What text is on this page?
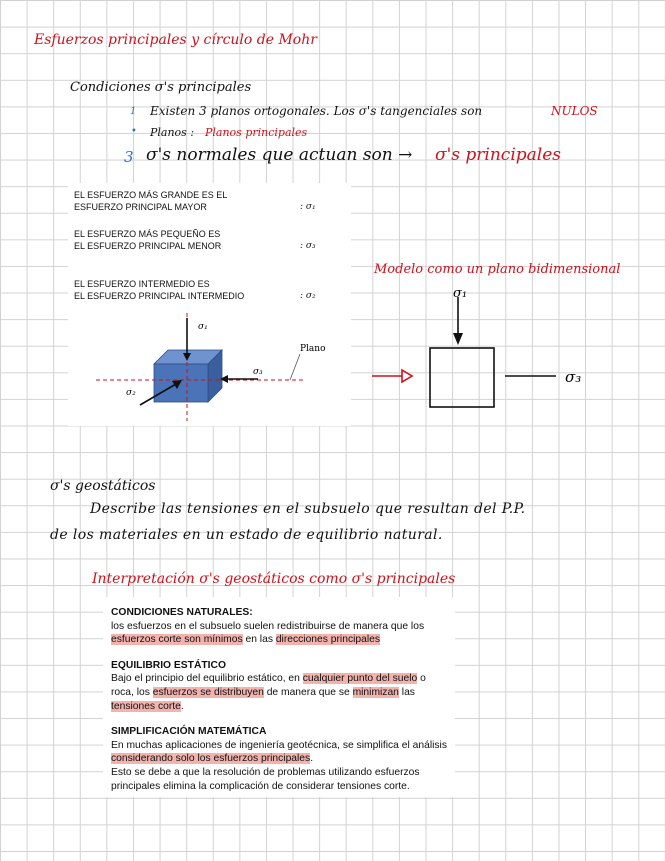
Esfuerzos principales y círculo de Mohr
Condiciones σ's principales
1 Existen 3 planos ortogonales. Los σ's tangenciales son	NULOS
• Planos : Planos principales
3 σ's normales que actuan son → σ's principales
EL ESFUERZO MÁS GRANDE ES EL
ESFUERZO PRINCIPAL MAYOR	: σ₁
EL ESFUERZO MÁS PEQUEÑO ES
EL ESFUERZO PRINCIPAL MENOR	: σ₃
EL ESFUERZO INTERMEDIO ES
EL ESFUERZO PRINCIPAL INTERMEDIO	: σ₂
σ₁
σ₃
σ₂
Plano
Modelo como un plano bidimensional
σ₁
σ₃
σ's geostáticos
Describe las tensiones en el subsuelo que resultan del P.P.
de los materiales en un estado de equilibrio natural.
Interpretación σ's geostáticos como σ's principales
CONDICIONES NATURALES:
los esfuerzos en el subsuelo suelen redistribuirse de manera que los
esfuerzos corte son mínimos en las direcciones principales
EQUILIBRIO ESTÁTICO
Bajo el principio del equilibrio estático, en cualquier punto del suelo o
roca, los esfuerzos se distribuyen de manera que se minimizan las
tensiones corte.
SIMPLIFICACIÓN MATEMÁTICA
En muchas aplicaciones de ingeniería geotécnica, se simplifica el análisis
considerando solo los esfuerzos principales.
Esto se debe a que la resolución de problemas utilizando esfuerzos
principales elimina la complicación de considerar tensiones corte.
